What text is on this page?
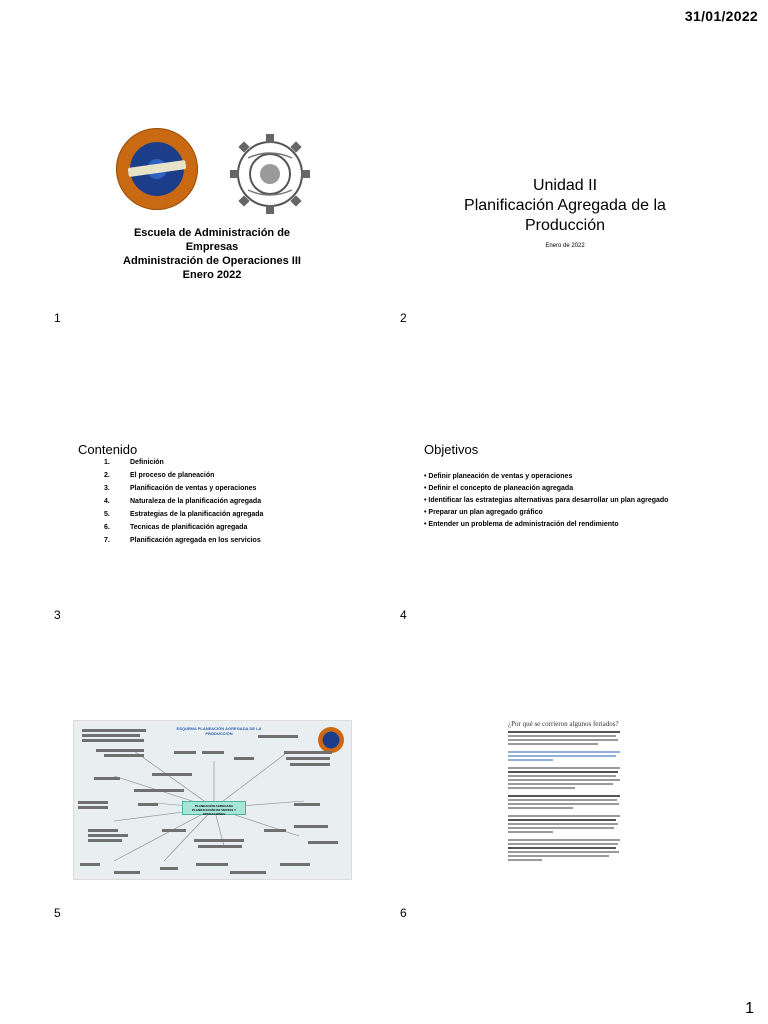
31/01/2022
Escuela de Administración de
Empresas
Administración de Operaciones III
Enero 2022
1
Unidad II
Planificación Agregada de la
Producción
Enero de 2022
2
Contenido
1.	Definición
2.	El proceso de planeación
3.	Planificación de ventas y operaciones
4.	Naturaleza de la planificación agregada
5.	Estrategias de la planificación agregada
6.	Tecnicas de planificación agregada
7.	Planificación agregada en los servicios
3
Objetivos
• Definir planeación de ventas y operaciones
• Definir el concepto de planeación agregada
• Identificar las estrategias alternativas para desarrollar un plan agregado
• Preparar un plan agregado gráfico
• Entender un problema de administración del rendimiento
4
ESQUEMA PLANEACIÓN AGREGADA DE LA PRODUCCIÓN
PLANEACIÓN AGREGADA PLANIFICACIÓN DE VENTAS Y OPERACIONES
5
¿Por qué se corrieron algunos feriados?
6
1
